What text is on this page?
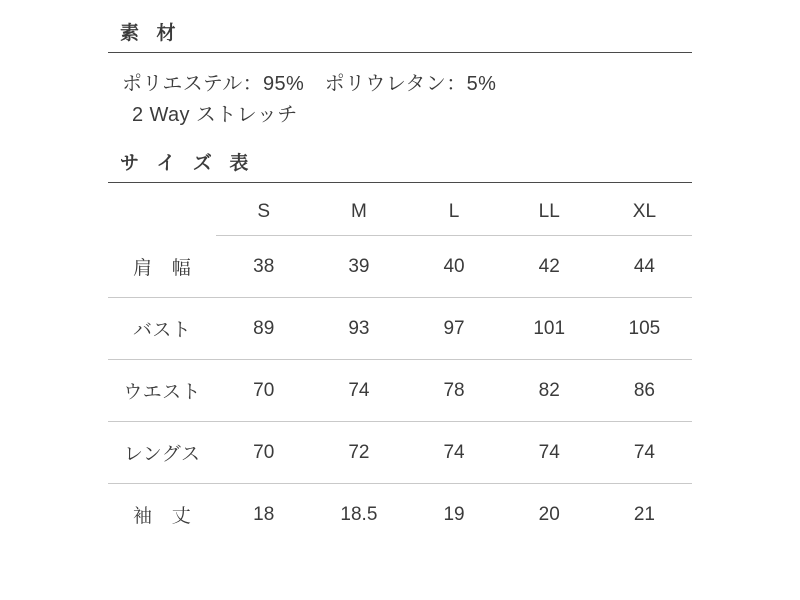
素 材
ポリエステル：95%　ポリウレタン：5%
2 Way ストレッチ
サ イ ズ 表
	S	M	L	LL	XL
肩　幅	38	39	40	42	44
バスト	89	93	97	101	105
ウエスト	70	74	78	82	86
レングス	70	72	74	74	74
袖　丈	18	18.5	19	20	21
